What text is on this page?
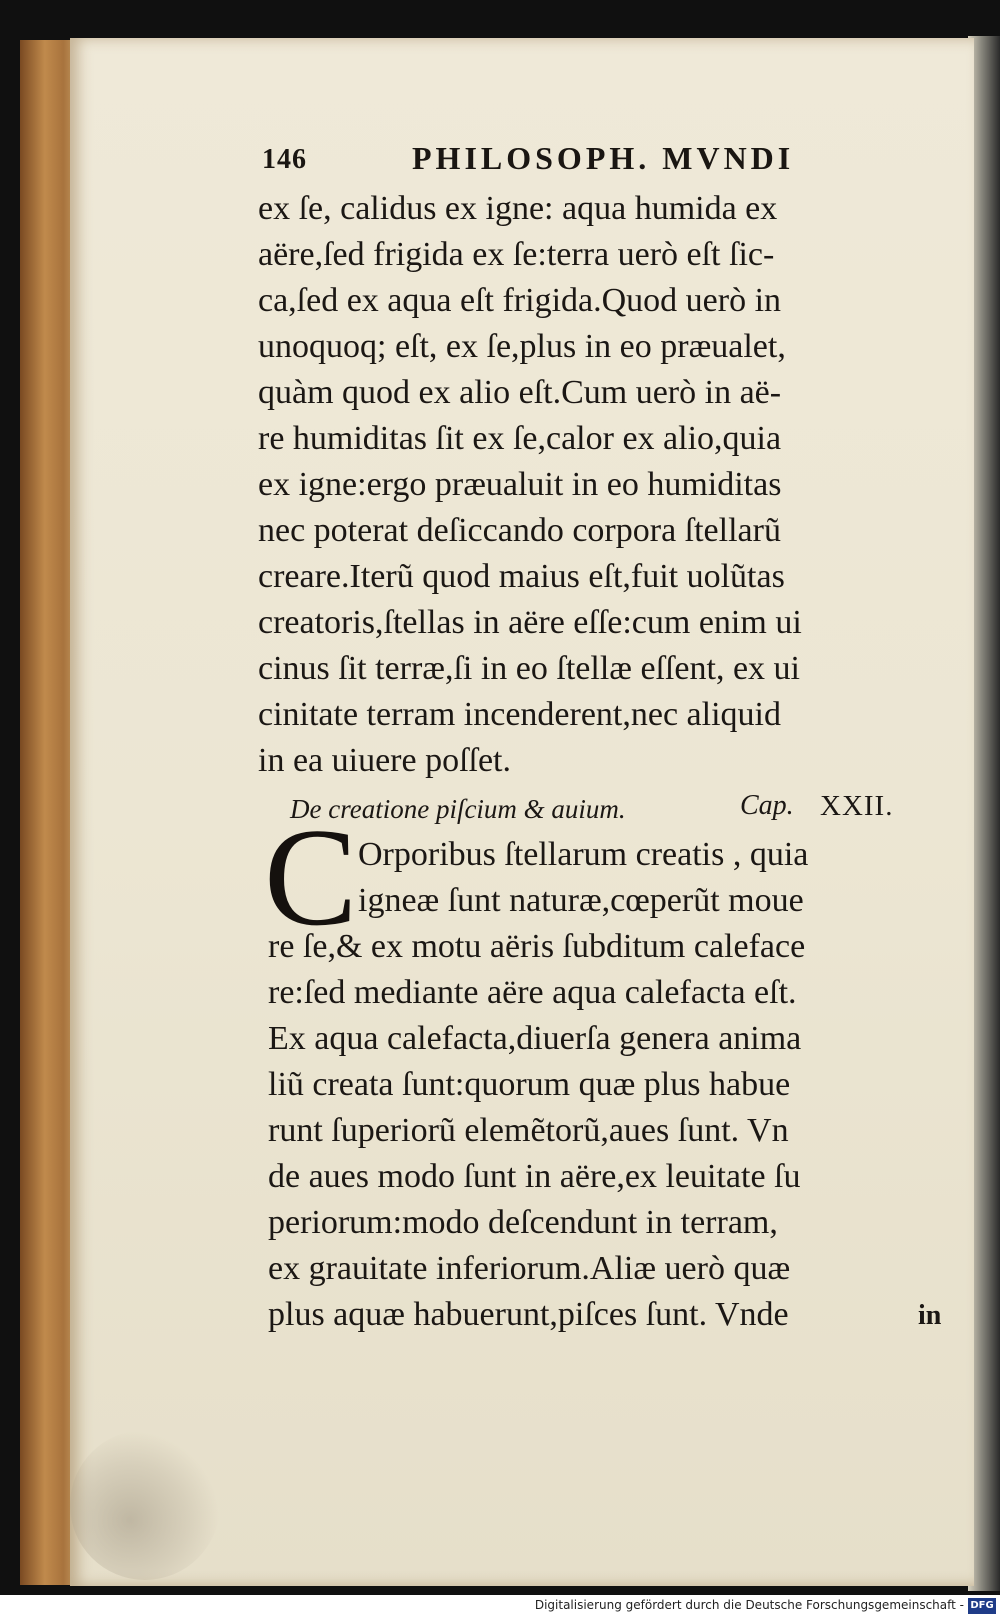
146	PHILOSOPH. MVNDI
ex ſe, calidus ex igne: aqua humida ex
aëre,ſed frigida ex ſe:terra uerò eſt ſic-
ca,ſed ex aqua eſt frigida.Quod uerò in
unoquoq; eſt, ex ſe,plus in eo præualet,
quàm quod ex alio eſt.Cum uerò in aë-
re humiditas ſit ex ſe,calor ex alio,quia
ex igne:ergo præualuit in eo humiditas
nec poterat deſiccando corpora ſtellarũ
creare.Iterũ quod maius eſt,fuit uolũtas
creatoris,ſtellas in aëre eſſe:cum enim ui
cinus ſit terræ,ſi in eo ſtellæ eſſent, ex ui
cinitate terram incenderent,nec aliquid
in ea uiuere poſſet.
De creatione piſcium & auium.	Cap. XXII.
C Orporibus ſtellarum creatis , quia
igneæ ſunt naturæ,cœperũt moue
re ſe,& ex motu aëris ſubditum caleface
re:ſed mediante aëre aqua calefacta eſt.
Ex aqua calefacta,diuerſa genera anima
liũ creata ſunt:quorum quæ plus habue
runt ſuperiorũ elemẽtorũ,aues ſunt. Vn
de aues modo ſunt in aëre,ex leuitate ſu
periorum:modo deſcendunt in terram,
ex grauitate inferiorum.Aliæ uerò quæ
plus aquæ habuerunt,piſces ſunt. Vnde	in
Digitalisierung gefördert durch die Deutsche Forschungsgemeinschaft - DFG
